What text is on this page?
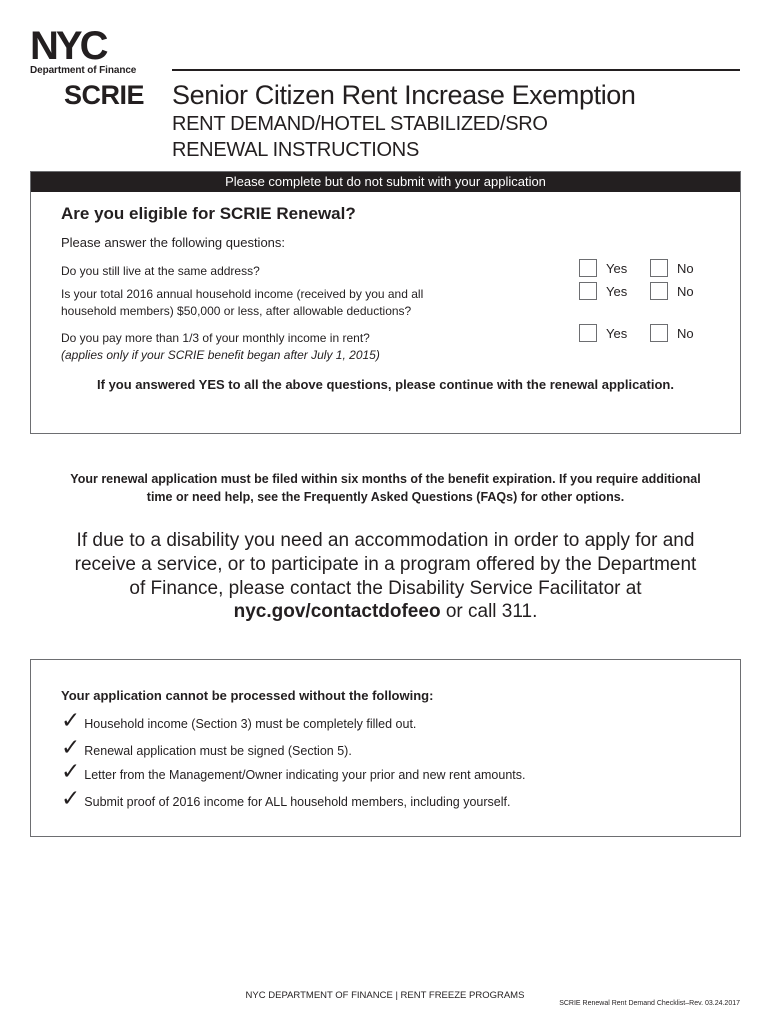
NYC
Department of Finance
SCRIE Senior Citizen Rent Increase Exemption
RENT DEMAND/HOTEL STABILIZED/SRO
RENEWAL INSTRUCTIONS
Please complete but do not submit with your application
Are you eligible for SCRIE Renewal?
Please answer the following questions:
Do you still live at the same address?	Yes	No
Is your total 2016 annual household income (received by you and all
household members) $50,000 or less, after allowable deductions?
Yes	No
Do you pay more than 1/3 of your monthly income in rent?
(applies only if your SCRIE benefit began after July 1, 2015)
Yes	No
If you answered YES to all the above questions, please continue with the renewal application.
Your renewal application must be filed within six months of the benefit expiration. If you require additional
time or need help, see the Frequently Asked Questions (FAQs) for other options.
If due to a disability you need an accommodation in order to apply for and
receive a service, or to participate in a program offered by the Department
of Finance, please contact the Disability Service Facilitator at
nyc.gov/contactdofeeo or call 311.
Your application cannot be processed without the following:
✓ Household income (Section 3) must be completely filled out.
✓ Renewal application must be signed (Section 5).
✓ Letter from the Management/Owner indicating your prior and new rent amounts.
✓ Submit proof of 2016 income for ALL household members, including yourself.
NYC DEPARTMENT OF FINANCE | RENT FREEZE PROGRAMS
SCRIE Renewal Rent Demand Checklist–Rev. 03.24.2017
